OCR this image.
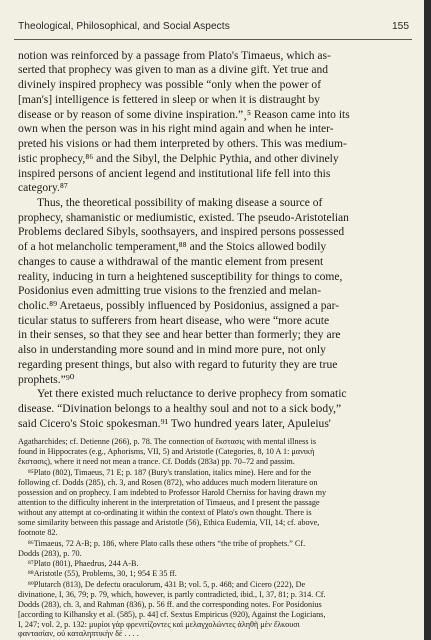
Theological, Philosophical, and Social Aspects	155
notion was reinforced by a passage from Plato's Timaeus, which as-
serted that prophecy was given to man as a divine gift. Yet true and
divinely inspired prophecy was possible “only when the power of
[man's] intelligence is fettered in sleep or when it is distraught by
disease or by reason of some divine inspiration.”¸⁵ Reason came into its
own when the person was in his right mind again and when he inter-
preted his visions or had them interpreted by others. This was medium-
istic prophecy,⁸⁶ and the Sibyl, the Delphic Pythia, and other divinely
inspired persons of ancient legend and institutional life fell into this
category.⁸⁷
Thus, the theoretical possibility of making disease a source of
prophecy, shamanistic or mediumistic, existed. The pseudo-Aristotelian
Problems declared Sibyls, soothsayers, and inspired persons possessed
of a hot melancholic temperament,⁸⁸ and the Stoics allowed bodily
changes to cause a withdrawal of the mantic element from present
reality, inducing in turn a heightened susceptibility for things to come,
Posidonius even admitting true visions to the frenzied and melan-
cholic.⁸⁹ Aretaeus, possibly influenced by Posidonius, assigned a par-
ticular status to sufferers from heart disease, who were “more acute
in their senses, so that they see and hear better than formerly; they are
also in understanding more sound and in mind more pure, not only
regarding present things, but also with regard to futurity they are true
prophets.”⁹⁰
Yet there existed much reluctance to derive prophecy from somatic
disease. “Divination belongs to a healthy soul and not to a sick body,”
said Cicero's Stoic spokesman.⁹¹ Two hundred years later, Apuleius'
Agatharchides; cf. Detienne (266), p. 78. The connection of ἔκστασις with mental illness is
found in Hippocrates (e.g., Aphorisms, VII, 5) and Aristotle (Categories, 8, 10 A 1: μανικὴ
ἔκστασις), where it need not mean a trance. Cf. Dodds (283a) pp. 70–72 and passim.
⁸⁵Plato (802), Timaeus, 71 E; p. 187 (Bury's translation, italics mine). Here and for the
following cf. Dodds (285), ch. 3, and Rosen (872), who adduces much modern literature on
possession and on prophecy. I am indebted to Professor Harold Cherniss for having drawn my
attention to the difficulty inherent in the interpretation of Timaeus, and I present the passage
without any attempt at co-ordinating it within the context of Plato's own thought. There is
some similarity between this passage and Aristotle (56), Ethica Eudemia, VII, 14; cf. above,
footnote 82.
⁸⁶Timaeus, 72 A-B; p. 186, where Plato calls these others “the tribe of prophets.” Cf.
Dodds (283), p. 70.
⁸⁷Plato (801), Phaedrus, 244 A-B.
⁸⁸Aristotle (55), Problems, 30, 1; 954 E 35 ff.
⁸⁹Plutarch (813), De defectu oraculorum, 431 B; vol. 5, p. 468; and Cicero (222), De
divinatione, I, 36, 79; p. 79, which, however, is partly contradicted, ibid., I, 37, 81; p. 314. Cf.
Dodds (283), ch. 3, and Rahman (836), p. 56 ff. and the corresponding notes. For Posidonius
[according to Kilhansky et al. (585), p. 44] cf. Sextus Empiricus (920), Against the Logicians,
I, 247; vol. 2, p. 132: μυρίοι γὰρ φρενιτίζοντες καὶ μελαγχολώντες ἀληθῆ μὲν ἕλκουσι
φαντασίαν, οὐ καταληπτικὴν δέ . . . .
